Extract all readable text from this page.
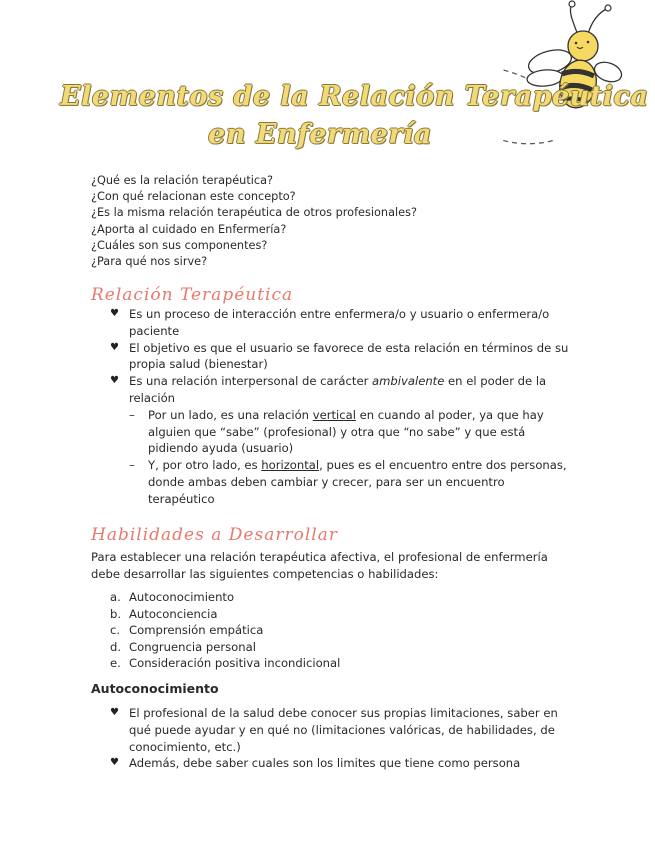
Elementos de la Relación Terapéutica
en Enfermería
¿Qué es la relación terapéutica?
¿Con qué relacionan este concepto?
¿Es la misma relación terapéutica de otros profesionales?
¿Aporta al cuidado en Enfermería?
¿Cuáles son sus componentes?
¿Para qué nos sirve?
Relación Terapéutica
♥ Es un proceso de interacción entre enfermera/o y usuario o enfermera/o paciente
♥ El objetivo es que el usuario se favorece de esta relación en términos de su propia salud (bienestar)
♥ Es una relación interpersonal de carácter ambivalente en el poder de la relación
– Por un lado, es una relación vertical en cuando al poder, ya que hay alguien que “sabe” (profesional) y otra que “no sabe” y que está pidiendo ayuda (usuario)
– Y, por otro lado, es horizontal, pues es el encuentro entre dos personas, donde ambas deben cambiar y crecer, para ser un encuentro terapéutico
Habilidades a Desarrollar
Para establecer una relación terapéutica afectiva, el profesional de enfermería debe desarrollar las siguientes competencias o habilidades:
a. Autoconocimiento
b. Autoconciencia
c. Comprensión empática
d. Congruencia personal
e. Consideración positiva incondicional
Autoconocimiento
♥ El profesional de la salud debe conocer sus propias limitaciones, saber en qué puede ayudar y en qué no (limitaciones valóricas, de habilidades, de conocimiento, etc.)
♥ Además, debe saber cuales son los limites que tiene como persona
